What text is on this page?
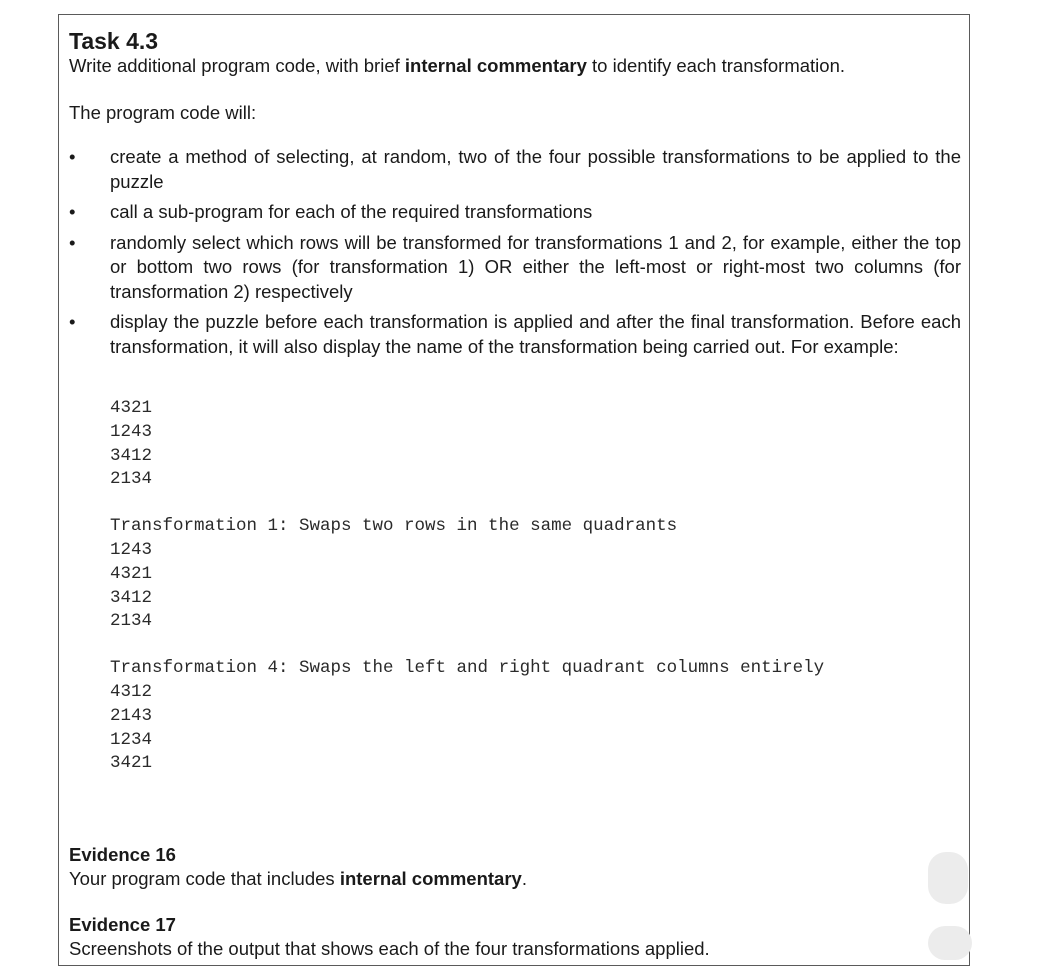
Task 4.3

Write additional program code, with brief internal commentary to identify each transformation.

The program code will:

• create a method of selecting, at random, two of the four possible transformations to be applied to the puzzle
• call a sub-program for each of the required transformations
• randomly select which rows will be transformed for transformations 1 and 2, for example, either the top or bottom two rows (for transformation 1) OR either the left-most or right-most two columns (for transformation 2) respectively
• display the puzzle before each transformation is applied and after the final transformation. Before each transformation, it will also display the name of the transformation being carried out. For example:
4321
1243
3412
2134
Transformation 1: Swaps two rows in the same quadrants
1243
4321
3412
2134
Transformation 4: Swaps the left and right quadrant columns entirely
4312
2143
1234
3421

Evidence 16

Your program code that includes internal commentary.

Evidence 17

Screenshots of the output that shows each of the four transformations applied.
